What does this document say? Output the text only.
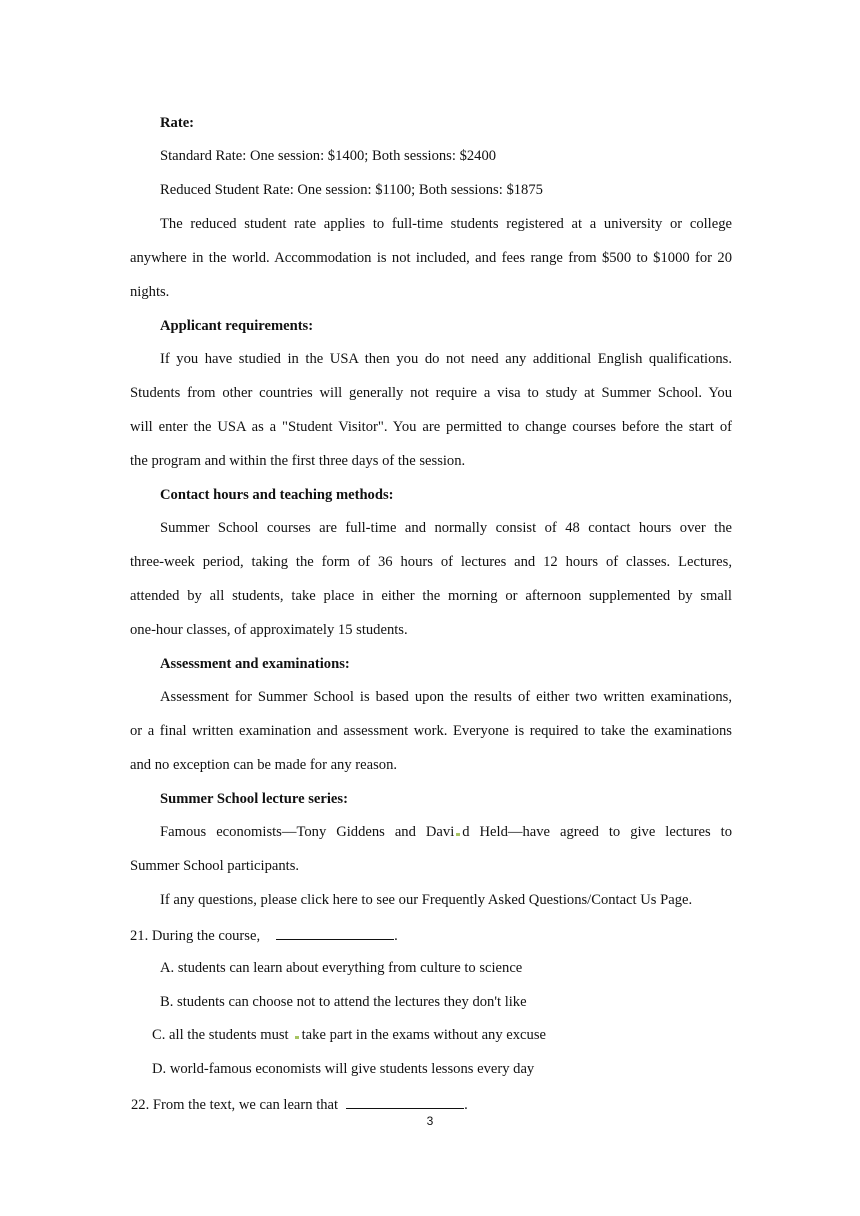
Rate:
Standard Rate: One session: $1400; Both sessions: $2400
Reduced Student Rate: One session: $1100; Both sessions: $1875
The reduced student rate applies to full-time students registered at a university or college
anywhere in the world. Accommodation is not included, and fees range from $500 to $1000 for 20
nights.
Applicant requirements:
If you have studied in the USA then you do not need any additional English qualifications.
Students from other countries will generally not require a visa to study at Summer School. You
will enter the USA as a "Student Visitor". You are permitted to change courses before the start of
the program and within the first three days of the session.
Contact hours and teaching methods:
Summer School courses are full-time and normally consist of 48 contact hours over the
three-week period, taking the form of 36 hours of lectures and 12 hours of classes. Lectures,
attended by all students, take place in either the morning or afternoon supplemented by small
one-hour classes, of approximately 15 students.
Assessment and examinations:
Assessment for Summer School is based upon the results of either two written examinations,
or a final written examination and assessment work. Everyone is required to take the examinations
and no exception can be made for any reason.
Summer School lecture series:
Famous economists—Tony Giddens and Davi d Held—have agreed to give lectures to
Summer School participants.
If any questions, please click here to see our Frequently Asked Questions/Contact Us Page.
21. During the course,	.
A. students can learn about everything from culture to science
B. students can choose not to attend the lectures they don't like
C. all the students must take part in the exams without any excuse
D. world-famous economists will give students lessons every day
22. From the text, we can learn that	.
3
